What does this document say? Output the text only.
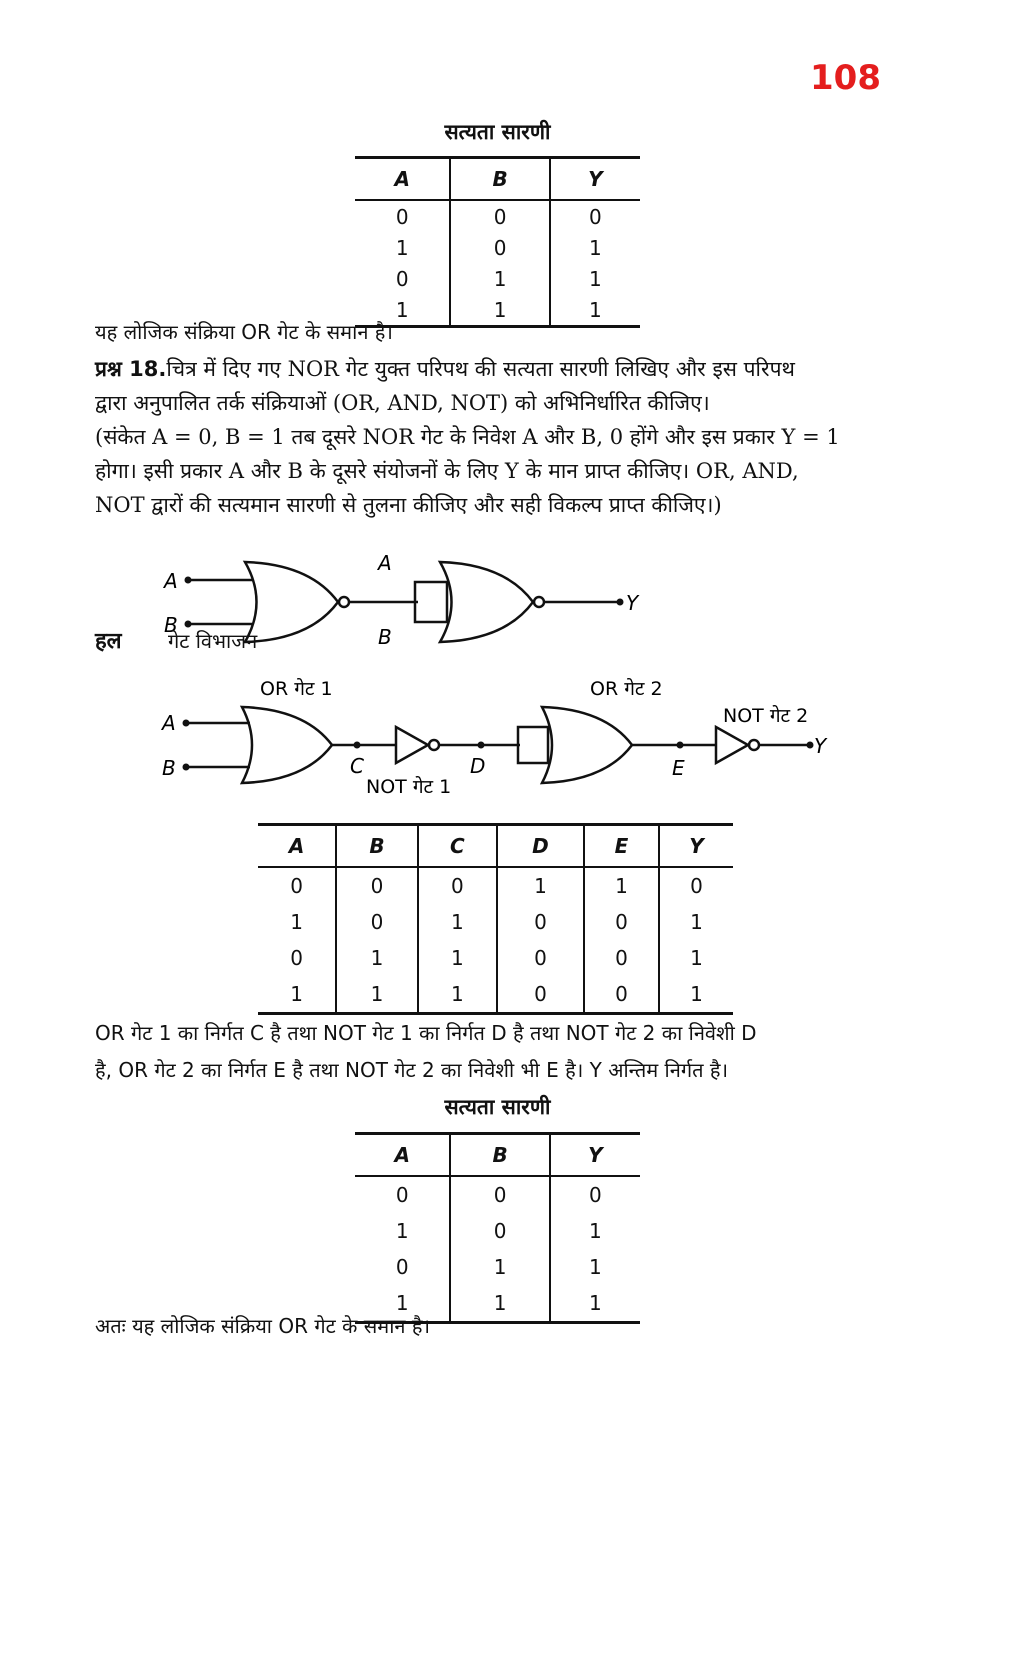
108
सत्यता सारणी
A	B	Y
0	0	0
1	0	1
0	1	1
1	1	1
यह लोजिक संक्रिया OR गेट के समान है।
प्रश्न 18.चित्र में दिए गए NOR गेट युक्त परिपथ की सत्यता सारणी लिखिए और इस परिपथ
द्वारा अनुपालित तर्क संक्रियाओं (OR, AND, NOT) को अभिनिर्धारित कीजिए।
(संकेत A = 0, B = 1 तब दूसरे NOR गेट के निवेश A और B, 0 होंगे और इस प्रकार Y = 1
होगा। इसी प्रकार A और B के दूसरे संयोजनों के लिए Y के मान प्राप्त कीजिए। OR, AND,
NOT द्वारों की सत्यमान सारणी से तुलना कीजिए और सही विकल्प प्राप्त कीजिए।)
A
B
A
B
Y
हल गेट विभाजन
OR गेट 1	OR गेट 2
NOT गेट 2
NOT गेट 1
A
B	C	D	E
Y
A	B	C	D	E	Y
0	0	0	1	1	0
1	0	1	0	0	1
0	1	1	0	0	1
1	1	1	0	0	1
OR गेट 1 का निर्गत C है तथा NOT गेट 1 का निर्गत D है तथा NOT गेट 2 का निवेशी D
है, OR गेट 2 का निर्गत E है तथा NOT गेट 2 का निवेशी भी E है। Y अन्तिम निर्गत है।
सत्यता सारणी
A	B	Y
0	0	0
1	0	1
0	1	1
1	1	1
अतः यह लोजिक संक्रिया OR गेट के समान है।
